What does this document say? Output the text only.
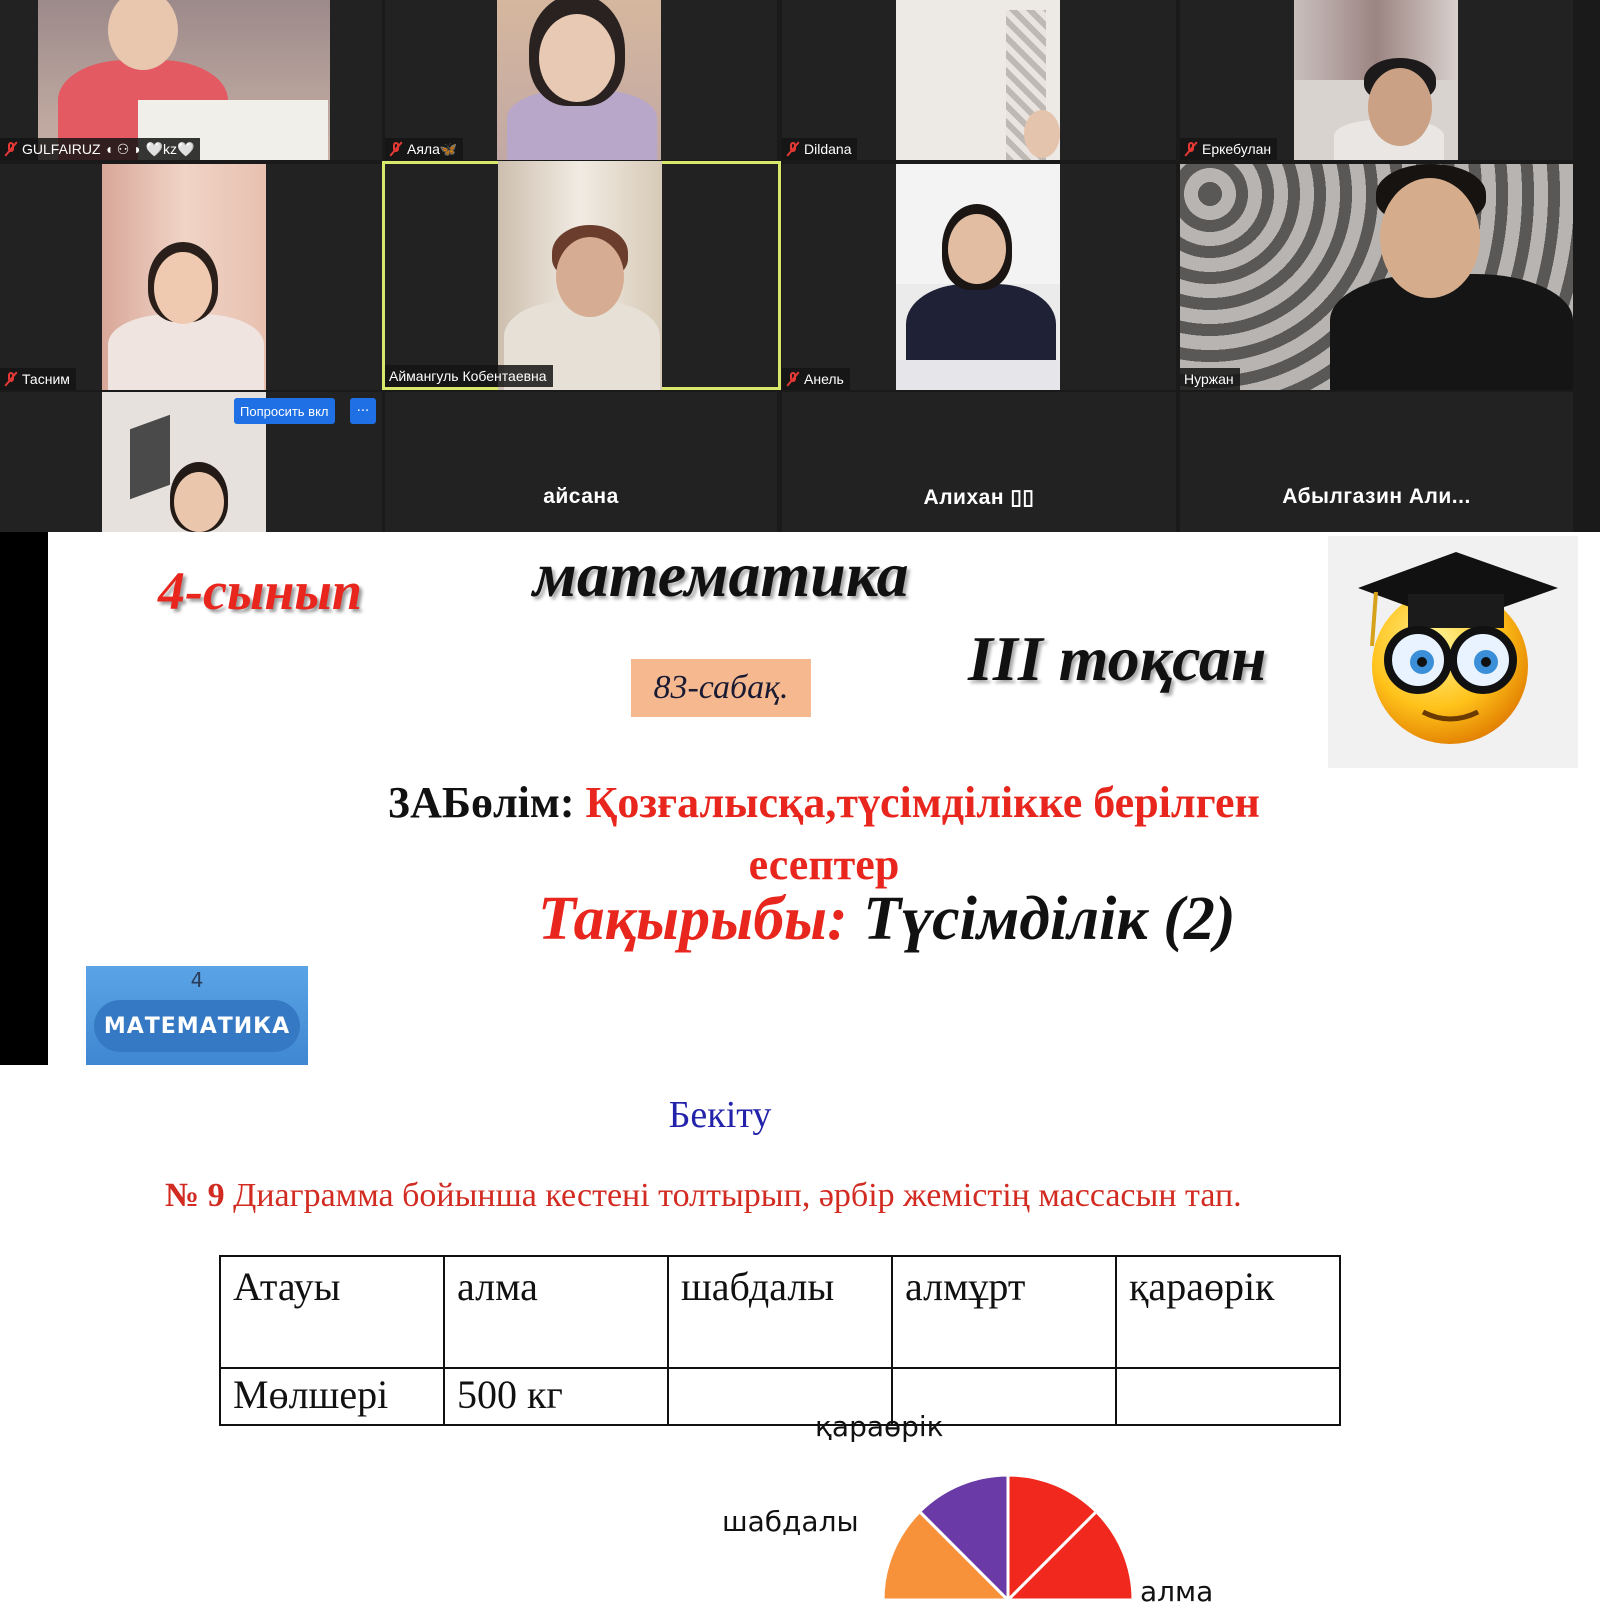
GULFAIRUZ ◖ ⚇ ◗ 🤍kz🤍	Аяла🦋	Dildana	Еркебулан
Тасним	Аймангуль Кобентаевна	Анель	Нуржан
Попросить вкл	···
айсана	Алихан ▯▯	Абылгазин Али...
4-сынып	математика
83-сабақ.	ІІІ тоқсан
3АБөлім: Қозғалысқа,түсімділікке берілген
есептер
Тақырыбы: Түсімділік (2)
4
МАТЕМАТИКА
Бекіту
№ 9 Диаграмма бойынша кестені толтырып, әрбір жемістің массасын тап.
Атауы	алма	шабдалы	алмұрт	қараөрік
Мөлшері	500 кг			
алма
шабдалы
қараөрік
